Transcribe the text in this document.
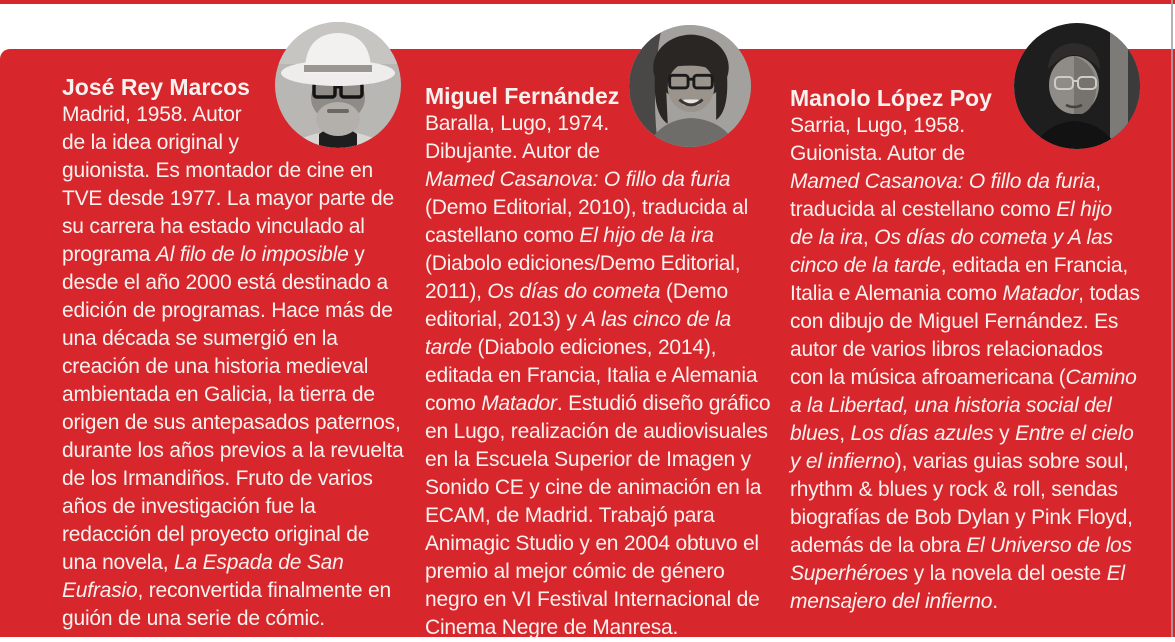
José Rey Marcos

Madrid, 1958. Autor de la idea original y guionista. Es montador de cine en TVE desde 1977. La mayor parte de su carrera ha estado vinculado al programa Al filo de lo imposible y desde el año 2000 está destinado a edición de programas. Hace más de una década se sumergió en la creación de una historia medieval ambientada en Galicia, la tierra de origen de sus antepasados paternos, durante los años previos a la revuelta de los Irmandiños. Fruto de varios años de investigación fue la redacción del proyecto original de una novela, La Espada de San Eufrasio, reconvertida finalmente en guión de una serie de cómic.

Miguel Fernández

Baralla, Lugo, 1974. Dibujante. Autor de Mamed Casanova: O fillo da furia (Demo Editorial, 2010), traducida al castellano como El hijo de la ira (Diabolo ediciones/Demo Editorial, 2011), Os días do cometa (Demo editorial, 2013) y A las cinco de la tarde (Diabolo ediciones, 2014), editada en Francia, Italia e Alemania como Matador. Estudió diseño gráfico en Lugo, realización de audiovisuales en la Escuela Superior de Imagen y Sonido CE y cine de animación en la ECAM, de Madrid. Trabajó para Animagic Studio y en 2004 obtuvo el premio al mejor cómic de género negro en VI Festival Internacional de Cinema Negre de Manresa.

Manolo López Poy

Sarria, Lugo, 1958. Guionista. Autor de Mamed Casanova: O fillo da furia, traducida al cestellano como El hijo de la ira, Os días do cometa y A las cinco de la tarde, editada en Francia, Italia e Alemania como Matador, todas con dibujo de Miguel Fernández. Es autor de varios libros relacionados con la música afroamericana (Camino a la Libertad, una historia social del blues, Los días azules y Entre el cielo y el infierno), varias guias sobre soul, rhythm & blues y rock & roll, sendas biografías de Bob Dylan y Pink Floyd, además de la obra El Universo de los Superhéroes y la novela del oeste El mensajero del infierno.
